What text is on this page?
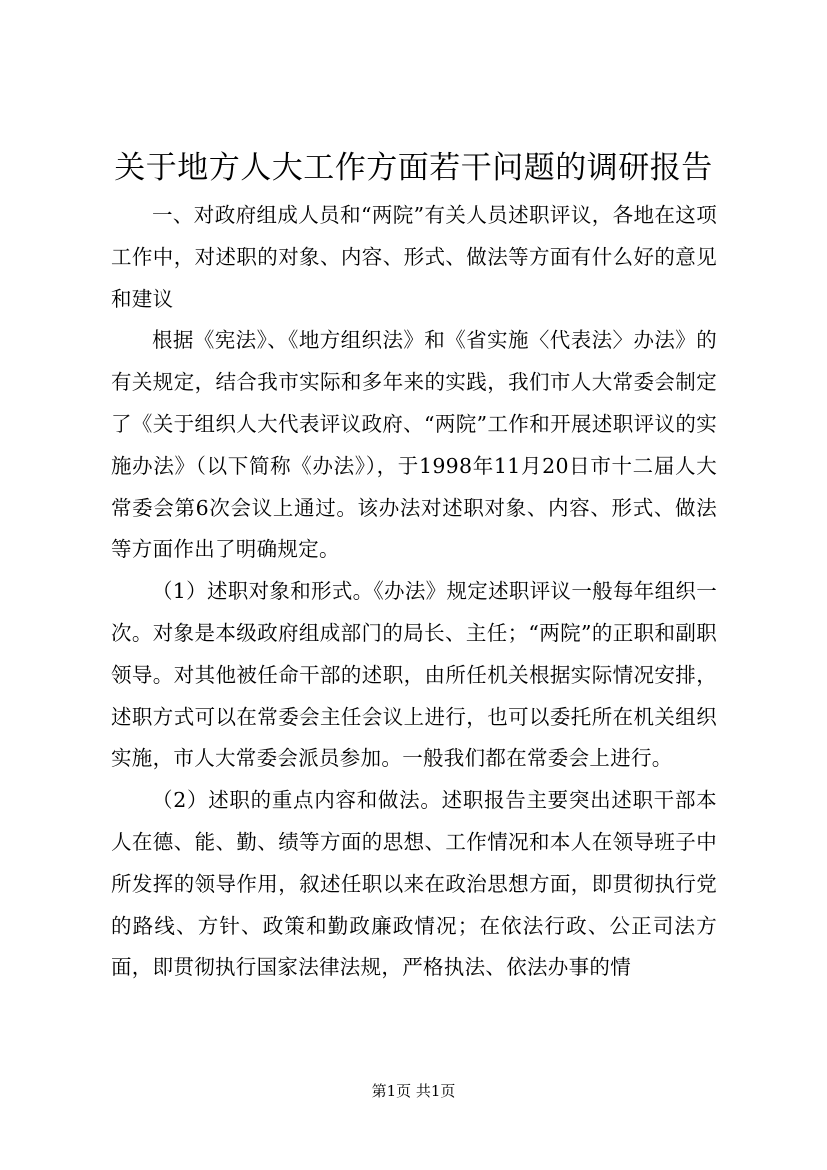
关于地方人大工作方面若干问题的调研报告

一、对政府组成人员和“两院”有关人员述职评议，各地在这项工作中，对述职的对象、内容、形式、做法等方面有什么好的意见和建议

根据《宪法》、《地方组织法》和《省实施〈代表法〉办法》的有关规定，结合我市实际和多年来的实践，我们市人大常委会制定了《关于组织人大代表评议政府、“两院”工作和开展述职评议的实施办法》（以下简称《办法》），于1998年11月20日市十二届人大常委会第6次会议上通过。该办法对述职对象、内容、形式、做法等方面作出了明确规定。

（1）述职对象和形式。《办法》规定述职评议一般每年组织一次。对象是本级政府组成部门的局长、主任；“两院”的正职和副职领导。对其他被任命干部的述职，由所任机关根据实际情况安排，述职方式可以在常委会主任会议上进行，也可以委托所在机关组织实施，市人大常委会派员参加。一般我们都在常委会上进行。

（2）述职的重点内容和做法。述职报告主要突出述职干部本人在德、能、勤、绩等方面的思想、工作情况和本人在领导班子中所发挥的领导作用，叙述任职以来在政治思想方面，即贯彻执行党的路线、方针、政策和勤政廉政情况；在依法行政、公正司法方面，即贯彻执行国家法律法规，严格执法、依法办事的情

第1页 共1页
